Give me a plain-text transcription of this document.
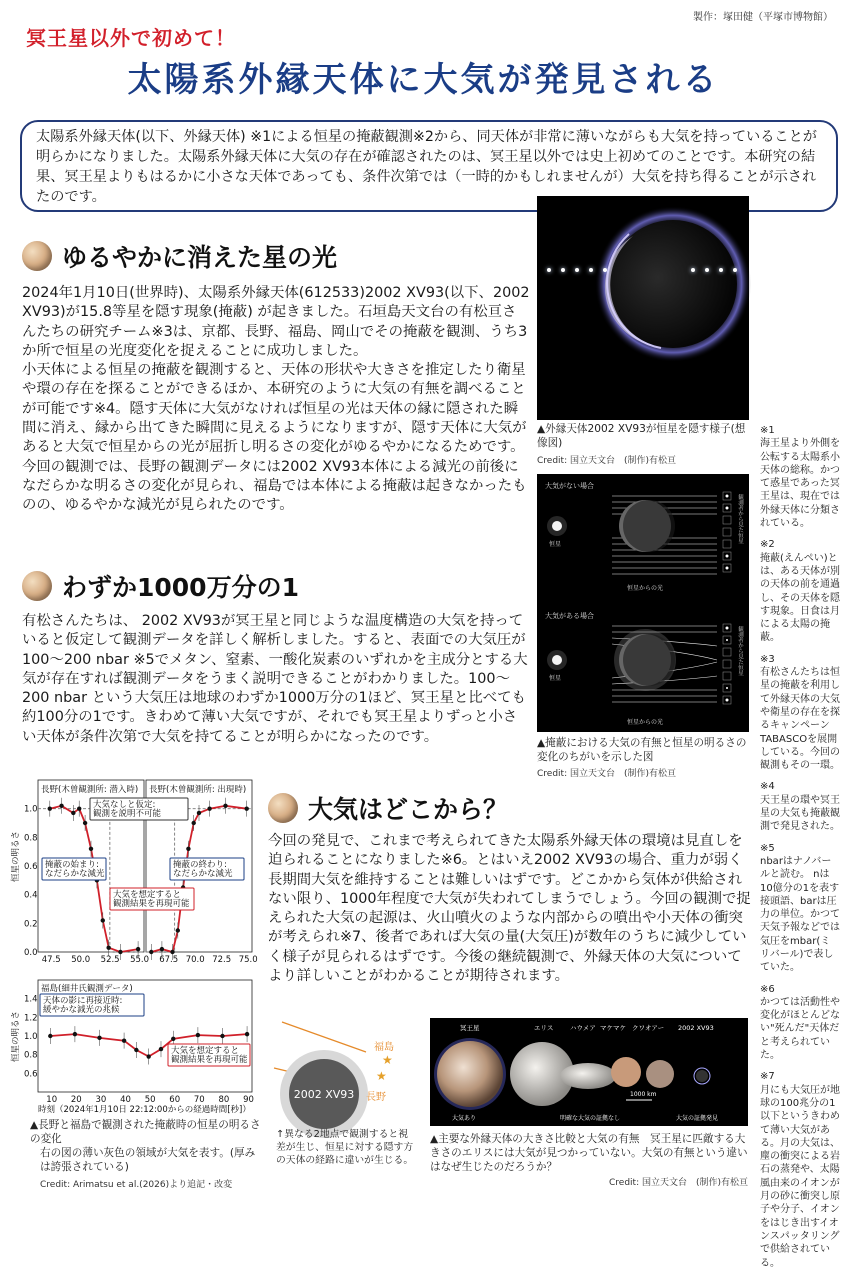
製作：塚田健（平塚市博物館）
冥王星以外で初めて！
太陽系外縁天体に大気が発見される

太陽系外縁天体(以下、外縁天体) ※1による恒星の掩蔽観測※2から、同天体が非常に薄いながらも大気を持っていることが明らかになりました。太陽系外縁天体に大気の存在が確認されたのは、冥王星以外では史上初めてのことです。本研究の結果、冥王星よりもはるかに小さな天体であっても、条件次第では（一時的かもしれませんが）大気を持ち得ることが示されたのです。

ゆるやかに消えた星の光

2024年1月10日(世界時)、太陽系外縁天体(612533)2002 XV93(以下、2002 XV93)が15.8等星を隠す現象(掩蔽) が起きました。石垣島天文台の有松亘さんたちの研究チーム※3は、京都、長野、福島、岡山でその掩蔽を観測、うち3か所で恒星の光度変化を捉えることに成功しました。

小天体による恒星の掩蔽を観測すると、天体の形状や大きさを推定したり衛星や環の存在を探ることができるほか、本研究のように大気の有無を調べることが可能です※4。隠す天体に大気がなければ恒星の光は天体の縁に隠された瞬間に消え、縁から出てきた瞬間に見えるようになりますが、隠す天体に大気があると大気で恒星からの光が屈折し明るさの変化がゆるやかになるためです。

今回の観測では、長野の観測データには2002 XV93本体による減光の前後になだらかな明るさの変化が見られ、福島では本体による掩蔽は起きなかったものの、ゆるやかな減光が見られたのです。

わずか1000万分の1

有松さんたちは、 2002 XV93が冥王星と同じような温度構造の大気を持っていると仮定して観測データを詳しく解析しました。すると、表面での大気圧が100～200 nbar ※5でメタン、窒素、一酸化炭素のいずれかを主成分とする大気が存在すれば観測データをうまく説明できることがわかりました。100～200 nbar という大気圧は地球のわずか1000万分の1ほど、冥王星と比べても約100分の1です。きわめて薄い大気ですが、それでも冥王星よりずっと小さい天体が条件次第で大気を持てることが明らかになったのです。

▲外縁天体2002 XV93が恒星を隠す様子(想像図)
Credit: 国立天文台　(制作)有松亘
大気がない場合
恒星
恒星からの光
大気がある場合
恒星
恒星からの光
観測者から見た恒星
観測者から見た恒星
▲掩蔽における大気の有無と恒星の明るさの変化のちがいを示した図
Credit: 国立天文台　(制作)有松亘
※1
海王星より外側を公転する太陽系小天体の総称。かつて惑星であった冥王星は、現在では外縁天体に分類されている。
※2
掩蔽(えんぺい)とは、ある天体が別の天体の前を通過し、その天体を隠す現象。日食は月による太陽の掩蔽。
※3
有松さんたちは恒星の掩蔽を利用して外縁天体の大気や衛星の存在を探るキャンペーンTABASCOを展開している。今回の観測もその一環。
※4
天王星の環や冥王星の大気も掩蔽観測で発見された。
※5
nbarはナノバールと読む。 nは10億分の1を表す接頭語、barは圧力の単位。かつて天気予報などでは気圧をmbar(ミリバール)で表していた。
※6
かつては活動性や変化がほとんどない"死んだ"天体だと考えられていた。
※7
月にも大気圧が地球の100兆分の1以下というきわめて薄い大気がある。月の大気は、塵の衝突による岩石の蒸発や、太陽風由来のイオンが月の砂に衝突し原子や分子、イオンをはじき出すイオンスパッタリングで供給されている。
長野(木曽観測所: 潜入時) 長野(木曽観測所: 出現時)
福島(細井氏観測データ)
大気なしと仮定:
観測を説明不可能
掩蔽の始まり:
なだらかな減光
掩蔽の終わり:
なだらかな減光
大気を想定すると
観測結果を再現可能
天体の影に再接近時:
緩やかな減光の兆候
大気を想定すると
観測結果を再現可能
47.5 50.0 52.5 55.0 67.5 70.0 72.5 75.0
10 20 30 40 50 60 70 80 90
0.0
0.2
0.4
0.6
0.8
1.0
0.6
0.8
1.0
1.2
1.4
恒星の明るさ
恒星の明るさ
時刻（2024年1月10日 22:12:00からの経過時間[秒]）
▲長野と福島で観測された掩蔽時の恒星の明るさの変化
右の図の薄い灰色の領域が大気を表す。(厚みは誇張されている)
Credit: Arimatsu et al.(2026)より追記・改変
大気はどこから？

今回の発見で、これまで考えられてきた太陽系外縁天体の環境は見直しを迫られることになりました※6。とはいえ2002 XV93の場合、重力が弱く長期間大気を維持することは難しいはずです。どこかから気体が供給されない限り、1000年程度で大気が失われてしまうでしょう。今回の観測で捉えられた大気の起源は、火山噴火のような内部からの噴出や小天体の衝突が考えられ※7、後者であれば大気の量(大気圧)が数年のうちに減少していく様子が見られるはずです。今後の継続観測で、外縁天体の大気についてより詳しいことがわかることが期待されます。

2002 XV93
福島
長野
★
★
↑異なる2地点で観測すると視差が生じ、恒星に対する隠す方の天体の経路に違いが生じる。
1000 km
冥王星	エリス	ハウメア マケマケ クワオアー 2002 XV93
大気あり	明確な大気の証拠なし	大気の証拠発見
▲主要な外縁天体の大きさ比較と大気の有無　冥王星に匹敵する大きさのエリスには大気が見つかっていない。大気の有無という違いはなぜ生じたのだろうか？
Credit: 国立天文台　(制作)有松亘
